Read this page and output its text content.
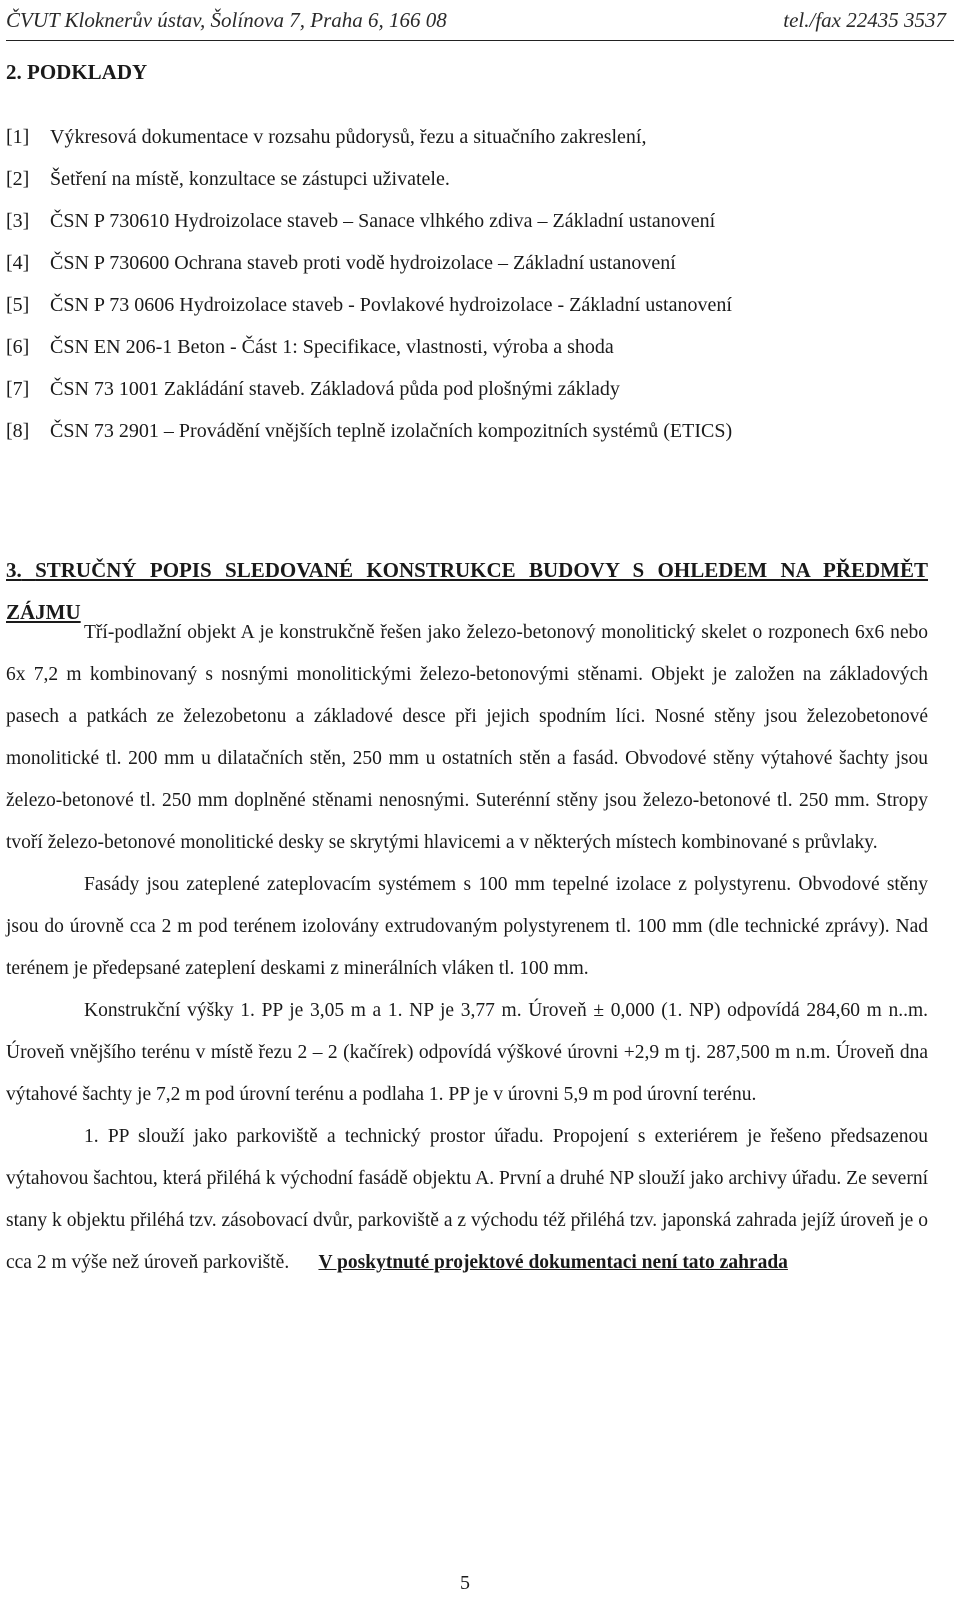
ČVUT Kloknerův ústav, Šolínova 7, Praha 6, 166 08	tel./fax 22435 3537
2. PODKLADY
[1] Výkresová dokumentace v rozsahu půdorysů, řezu a situačního zakreslení,
[2] Šetření na místě, konzultace se zástupci uživatele.
[3] ČSN P 730610 Hydroizolace staveb – Sanace vlhkého zdiva – Základní ustanovení
[4] ČSN P 730600 Ochrana staveb proti vodě hydroizolace – Základní ustanovení
[5] ČSN P 73 0606 Hydroizolace staveb - Povlakové hydroizolace - Základní ustanovení
[6] ČSN EN 206-1 Beton - Část 1: Specifikace, vlastnosti, výroba a shoda
[7] ČSN 73 1001 Zakládání staveb. Základová půda pod plošnými základy
[8] ČSN 73 2901 – Provádění vnějších teplně izolačních kompozitních systémů (ETICS)
3. STRUČNÝ POPIS SLEDOVANÉ KONSTRUKCE BUDOVY S OHLEDEM NA PŘEDMĚT ZÁJMU

Tří-podlažní objekt A je konstrukčně řešen jako železo-betonový monolitický skelet o rozponech 6x6 nebo 6x 7,2 m kombinovaný s nosnými monolitickými železo-betonovými stěnami. Objekt je založen na základových pasech a patkách ze železobetonu a základové desce při jejich spodním líci. Nosné stěny jsou železobetonové monolitické tl. 200 mm u dilatačních stěn, 250 mm u ostatních stěn a fasád. Obvodové stěny výtahové šachty jsou železo-betonové tl. 250 mm doplněné stěnami nenosnými. Suterénní stěny jsou železo-betonové tl. 250 mm. Stropy tvoří železo-betonové monolitické desky se skrytými hlavicemi a v některých místech kombinované s průvlaky.

Fasády jsou zateplené zateplovacím systémem s 100 mm tepelné izolace z polystyrenu. Obvodové stěny jsou do úrovně cca 2 m pod terénem izolovány extrudovaným polystyrenem tl. 100 mm (dle technické zprávy). Nad terénem je předepsané zateplení deskami z minerálních vláken tl. 100 mm.

Konstrukční výšky 1. PP je 3,05 m a 1. NP je 3,77 m. Úroveň ± 0,000 (1. NP) odpovídá 284,60 m n..m. Úroveň vnějšího terénu v místě řezu 2 – 2 (kačírek) odpovídá výškové úrovni +2,9 m tj. 287,500 m n.m. Úroveň dna výtahové šachty je 7,2 m pod úrovní terénu a podlaha 1. PP je v úrovni 5,9 m pod úrovní terénu.

1. PP slouží jako parkoviště a technický prostor úřadu. Propojení s exteriérem je řešeno předsazenou výtahovou šachtou, která přiléhá k východní fasádě objektu A. První a druhé NP slouží jako archivy úřadu. Ze severní stany k objektu přiléhá tzv. zásobovací dvůr, parkoviště a z východu též přiléhá tzv. japonská zahrada jejíž úroveň je o cca 2 m výše než úroveň parkoviště. V poskytnuté projektové dokumentaci není tato zahrada

5
